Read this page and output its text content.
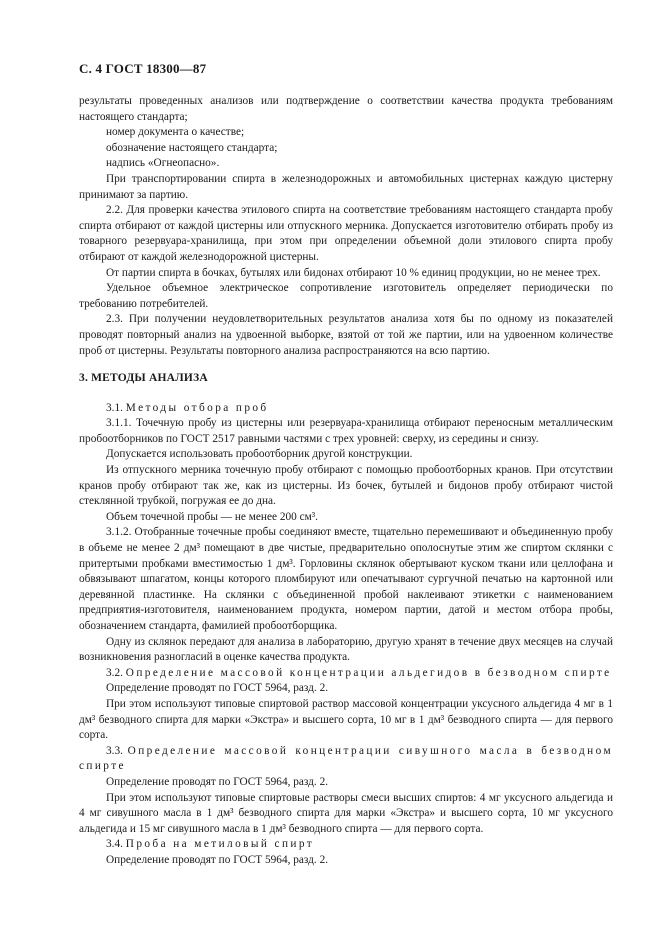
С. 4 ГОСТ 18300—87

результаты проведенных анализов или подтверждение о соответствии качества продукта требованиям настоящего стандарта;

номер документа о качестве;

обозначение настоящего стандарта;

надпись «Огнеопасно».

При транспортировании спирта в железнодорожных и автомобильных цистернах каждую цистерну принимают за партию.

2.2. Для проверки качества этилового спирта на соответствие требованиям настоящего стандарта пробу спирта отбирают от каждой цистерны или отпускного мерника. Допускается изготовителю отбирать пробу из товарного резервуара-хранилища, при этом при определении объемной доли этилового спирта пробу отбирают от каждой железнодорожной цистерны.

От партии спирта в бочках, бутылях или бидонах отбирают 10 % единиц продукции, но не менее трех.

Удельное объемное электрическое сопротивление изготовитель определяет периодически по требованию потребителей.

2.3. При получении неудовлетворительных результатов анализа хотя бы по одному из показателей проводят повторный анализ на удвоенной выборке, взятой от той же партии, или на удвоенном количестве проб от цистерны. Результаты повторного анализа распространяются на всю партию.

3. МЕТОДЫ АНАЛИЗА

3.1. Методы отбора проб

3.1.1. Точечную пробу из цистерны или резервуара-хранилища отбирают переносным металлическим пробоотборников по ГОСТ 2517 равными частями с трех уровней: сверху, из середины и снизу.

Допускается использовать пробоотборник другой конструкции.

Из отпускного мерника точечную пробу отбирают с помощью пробоотборных кранов. При отсутствии кранов пробу отбирают так же, как из цистерны. Из бочек, бутылей и бидонов пробу отбирают чистой стеклянной трубкой, погружая ее до дна.

Объем точечной пробы — не менее 200 см³.

3.1.2. Отобранные точечные пробы соединяют вместе, тщательно перемешивают и объединенную пробу в объеме не менее 2 дм³ помещают в две чистые, предварительно ополоснутые этим же спиртом склянки с притертыми пробками вместимостью 1 дм³. Горловины склянок обертывают куском ткани или целлофана и обвязывают шпагатом, концы которого пломбируют или опечатывают сургучной печатью на картонной или деревянной пластинке. На склянки с объединенной пробой наклеивают этикетки с наименованием предприятия-изготовителя, наименованием продукта, номером партии, датой и местом отбора пробы, обозначением стандарта, фамилией пробоотборщика.

Одну из склянок передают для анализа в лабораторию, другую хранят в течение двух месяцев на случай возникновения разногласий в оценке качества продукта.

3.2. Определение массовой концентрации альдегидов в безводном спирте

Определение проводят по ГОСТ 5964, разд. 2.

При этом используют типовые спиртовой раствор массовой концентрации уксусного альдегида 4 мг в 1 дм³ безводного спирта для марки «Экстра» и высшего сорта, 10 мг в 1 дм³ безводного спирта — для первого сорта.

3.3. Определение массовой концентрации сивушного масла в безводном спирте

Определение проводят по ГОСТ 5964, разд. 2.

При этом используют типовые спиртовые растворы смеси высших спиртов: 4 мг уксусного альдегида и 4 мг сивушного масла в 1 дм³ безводного спирта для марки «Экстра» и высшего сорта, 10 мг уксусного альдегида и 15 мг сивушного масла в 1 дм³ безводного спирта — для первого сорта.

3.4. Проба на метиловый спирт

Определение проводят по ГОСТ 5964, разд. 2.
